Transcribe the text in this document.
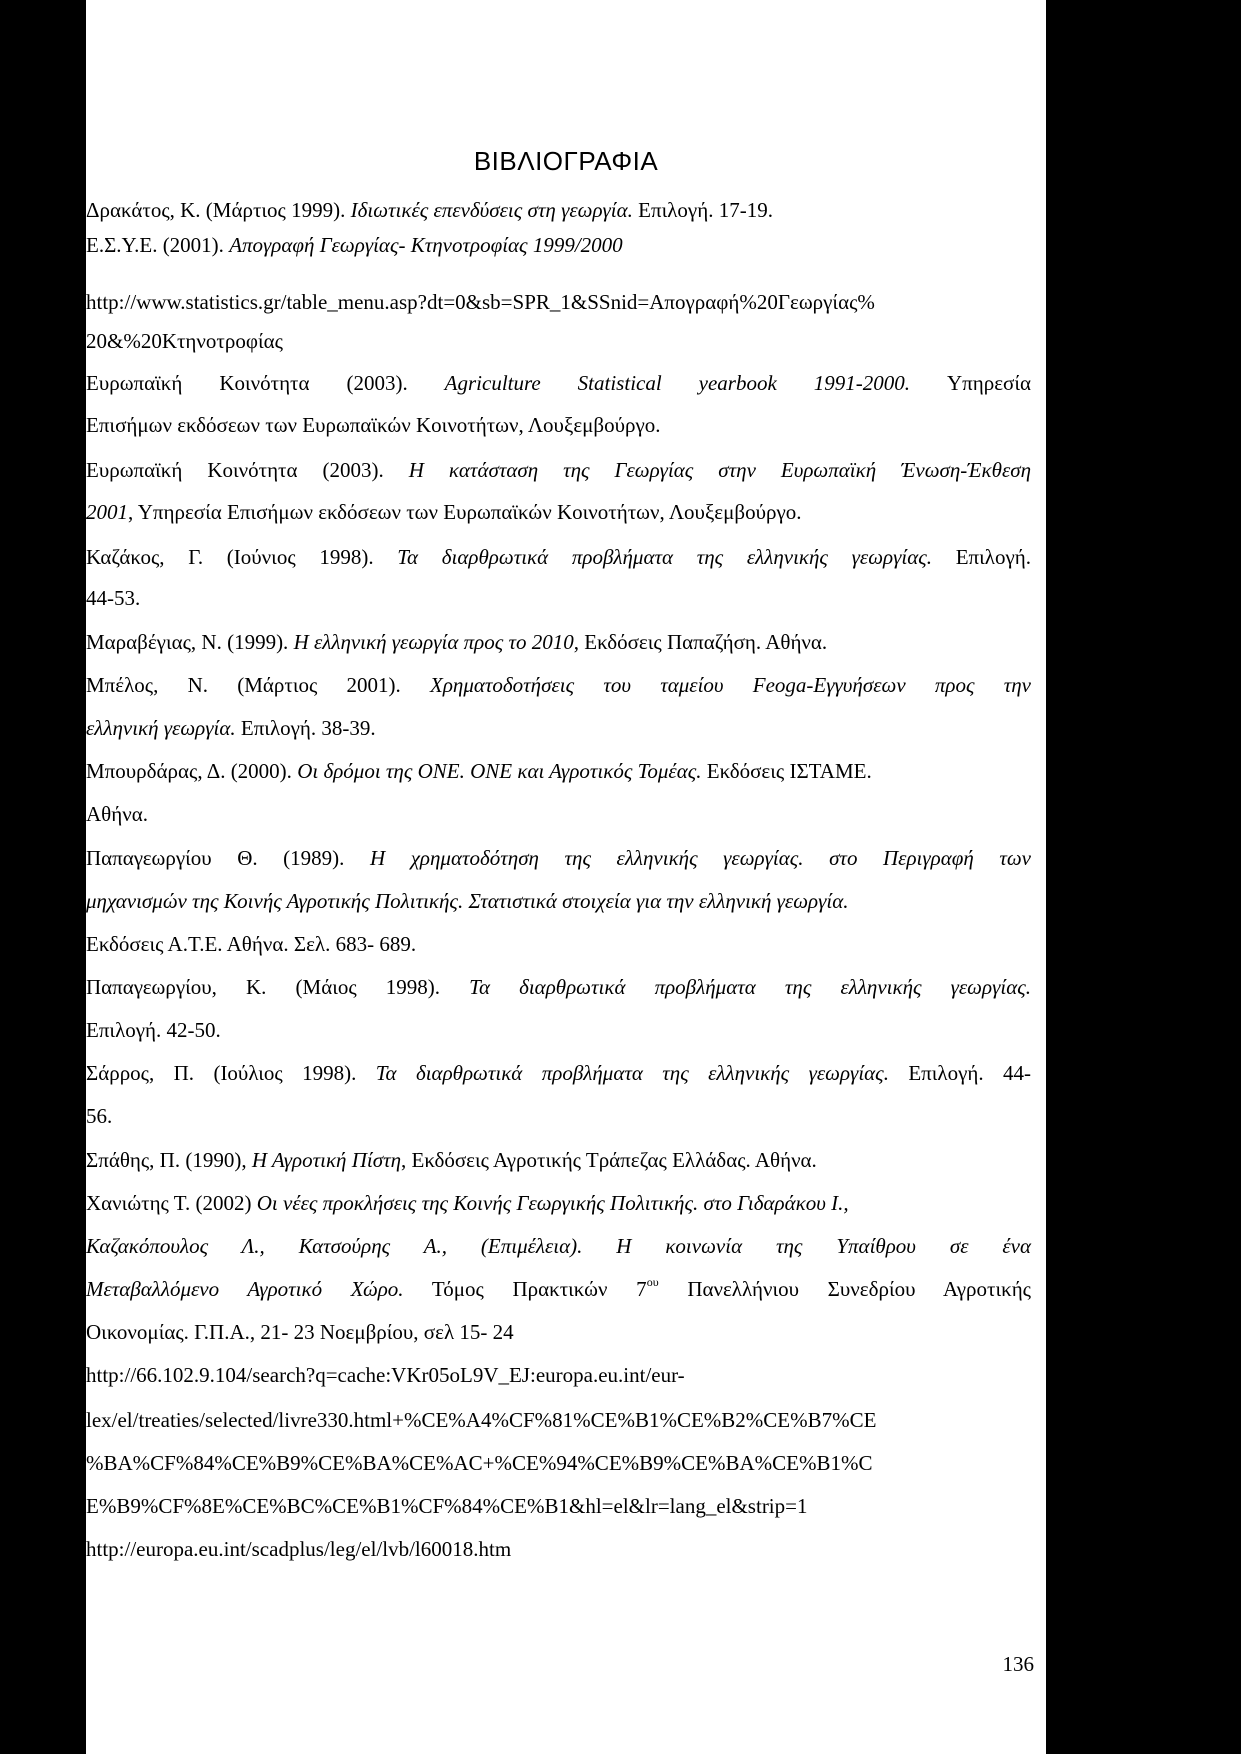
ΒΙΒΛΙΟΓΡΑΦΙΑ
Δρακάτος, Κ. (Μάρτιος 1999). Ιδιωτικές επενδύσεις στη γεωργία. Επιλογή. 17-19.
Ε.Σ.Υ.Ε. (2001). Απογραφή Γεωργίας- Κτηνοτροφίας 1999/2000
http://www.statistics.gr/table_menu.asp?dt=0&sb=SPR_1&SSnid=Απογραφή%20Γεωργίας%
20&%20Κτηνοτροφίας
Ευρωπαϊκή Κοινότητα (2003). Agriculture Statistical yearbook 1991-2000. Υπηρεσία
Επισήμων εκδόσεων των Ευρωπαϊκών Κοινοτήτων, Λουξεμβούργο.
Ευρωπαϊκή Κοινότητα (2003). Η κατάσταση της Γεωργίας στην Ευρωπαϊκή Ένωση-Έκθεση
2001, Υπηρεσία Επισήμων εκδόσεων των Ευρωπαϊκών Κοινοτήτων, Λουξεμβούργο.
Καζάκος, Γ. (Ιούνιος 1998). Τα διαρθρωτικά προβλήματα της ελληνικής γεωργίας. Επιλογή.
44-53.
Μαραβέγιας, Ν. (1999). Η ελληνική γεωργία προς το 2010, Εκδόσεις Παπαζήση. Αθήνα.
Μπέλος, Ν. (Μάρτιος 2001). Χρηματοδοτήσεις του ταμείου Feoga-Εγγυήσεων προς την
ελληνική γεωργία. Επιλογή. 38-39.
Μπουρδάρας, Δ. (2000). Οι δρόμοι της ΟΝΕ. ΟΝΕ και Αγροτικός Τομέας. Εκδόσεις ΙΣΤΑΜΕ.
Αθήνα.
Παπαγεωργίου Θ. (1989). Η χρηματοδότηση της ελληνικής γεωργίας. στο Περιγραφή των
μηχανισμών της Κοινής Αγροτικής Πολιτικής. Στατιστικά στοιχεία για την ελληνική γεωργία.
Εκδόσεις Α.Τ.Ε. Αθήνα. Σελ. 683- 689.
Παπαγεωργίου, Κ. (Μάιος 1998). Τα διαρθρωτικά προβλήματα της ελληνικής γεωργίας.
Επιλογή. 42-50.
Σάρρος, Π. (Ιούλιος 1998). Τα διαρθρωτικά προβλήματα της ελληνικής γεωργίας. Επιλογή. 44-
56.
Σπάθης, Π. (1990), Η Αγροτική Πίστη, Εκδόσεις Αγροτικής Τράπεζας Ελλάδας. Αθήνα.
Χανιώτης Τ. (2002) Οι νέες προκλήσεις της Κοινής Γεωργικής Πολιτικής. στο Γιδαράκου Ι.,
Καζακόπουλος Λ., Κατσούρης Α., (Επιμέλεια). Η κοινωνία της Υπαίθρου σε ένα
Μεταβαλλόμενο Αγροτικό Χώρο. Τόμος Πρακτικών $7^{o\upsilon}$ Πανελλήνιου Συνεδρίου Αγροτικής
Οικονομίας. Γ.Π.Α., 21- 23 Νοεμβρίου, σελ 15- 24
http://66.102.9.104/search?q=cache:VKr05oL9V_EJ:europa.eu.int/eur-
lex/el/treaties/selected/livre330.html+%CE%A4%CF%81%CE%B1%CE%B2%CE%B7%CE
%BA%CF%84%CE%B9%CE%BA%CE%AC+%CE%94%CE%B9%CE%BA%CE%B1%C
E%B9%CF%8E%CE%BC%CE%B1%CF%84%CE%B1&hl=el&lr=lang_el&strip=1
http://europa.eu.int/scadplus/leg/el/lvb/l60018.htm
136
